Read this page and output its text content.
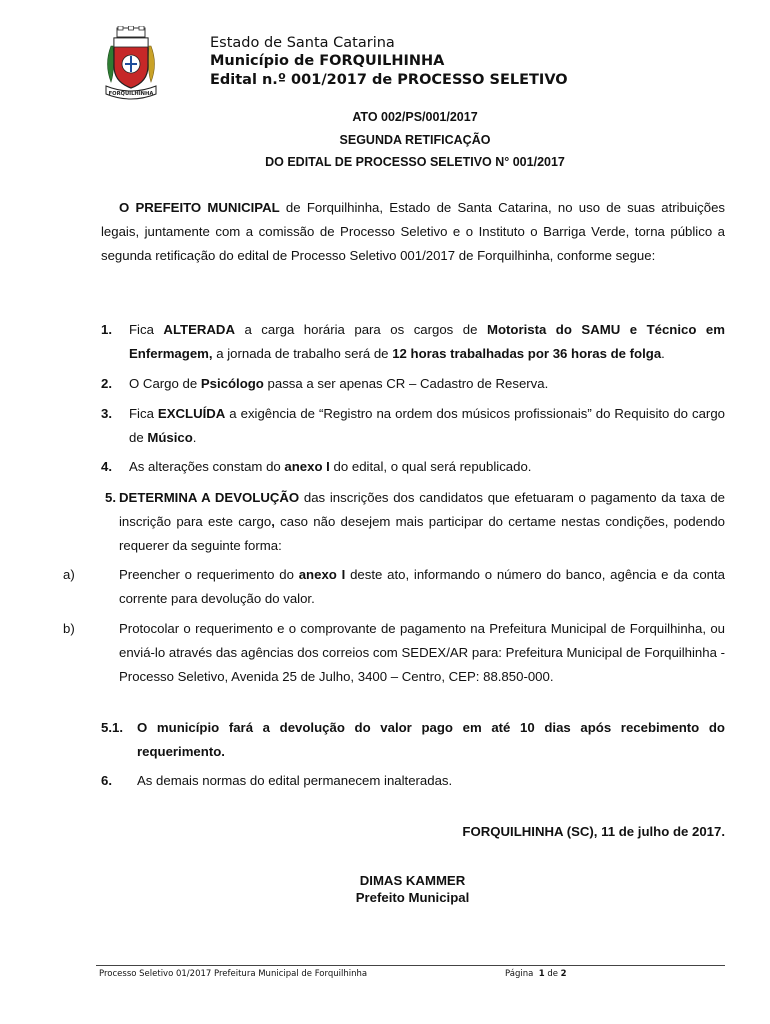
FORQUILHINHA
Estado de Santa Catarina
Município de FORQUILHINHA
Edital n.º 001/2017 de PROCESSO SELETIVO
ATO 002/PS/001/2017
SEGUNDA RETIFICAÇÃO
DO EDITAL DE PROCESSO SELETIVO N° 001/2017
O PREFEITO MUNICIPAL de Forquilhinha, Estado de Santa Catarina, no uso de suas atribuições legais, juntamente com a comissão de Processo Seletivo e o Instituto o Barriga Verde, torna público a segunda retificação do edital de Processo Seletivo 001/2017 de Forquilhinha, conforme segue:
1. Fica ALTERADA a carga horária para os cargos de Motorista do SAMU e Técnico em Enfermagem, a jornada de trabalho será de 12 horas trabalhadas por 36 horas de folga.
2. O Cargo de Psicólogo passa a ser apenas CR – Cadastro de Reserva.
3. Fica EXCLUÍDA a exigência de “Registro na ordem dos músicos profissionais” do Requisito do cargo de Músico.
4. As alterações constam do anexo I do edital, o qual será republicado.
5. DETERMINA A DEVOLUÇÃO das inscrições dos candidatos que efetuaram o pagamento da taxa de inscrição para este cargo, caso não desejem mais participar do certame nestas condições, podendo requerer da seguinte forma:
a)	Preencher o requerimento do anexo I deste ato, informando o número do banco, agência e da conta corrente para devolução do valor.
b)	Protocolar o requerimento e o comprovante de pagamento na Prefeitura Municipal de Forquilhinha, ou enviá-lo através das agências dos correios com SEDEX/AR para: Prefeitura Municipal de Forquilhinha - Processo Seletivo, Avenida 25 de Julho, 3400 – Centro, CEP: 88.850-000.
5.1. O município fará a devolução do valor pago em até 10 dias após recebimento do requerimento.
6. As demais normas do edital permanecem inalteradas.
FORQUILHINHA (SC), 11 de julho de 2017.
DIMAS KAMMER
Prefeito Municipal
Processo Seletivo 01/2017 Prefeitura Municipal de Forquilhinha	Página 1 de 2
